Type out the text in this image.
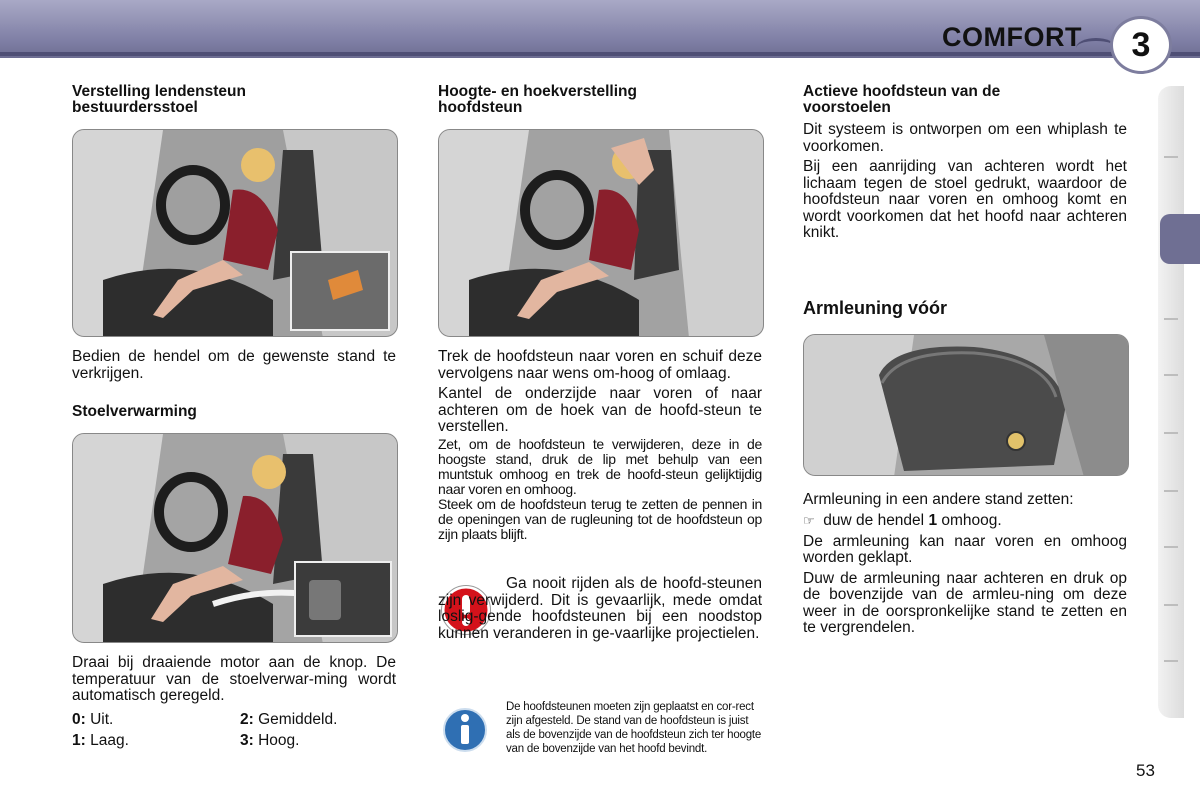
COMFORT	3
Verstelling lendensteun bestuurdersstoel
Bedien de hendel om de gewenste stand te verkrijgen.
Stoelverwarming
Draai bij draaiende motor aan de knop. De temperatuur van de stoelverwar-ming wordt automatisch geregeld.
0: Uit.
1: Laag.
2: Gemiddeld.
3: Hoog.
Hoogte- en hoekverstelling hoofdsteun
Trek de hoofdsteun naar voren en schuif deze vervolgens naar wens om-hoog of omlaag.
Kantel de onderzijde naar voren of naar achteren om de hoek van de hoofd-steun te verstellen.
Zet, om de hoofdsteun te verwijderen, deze in de hoogste stand, druk de lip met behulp van een muntstuk omhoog en trek de hoofd-steun gelijktijdig naar voren en omhoog.
Steek om de hoofdsteun terug te zetten de pennen in de openingen van de rugleuning tot de hoofdsteun op zijn plaats blijft.
Ga nooit rijden als de hoofd-steunen zijn verwijderd. Dit is gevaarlijk, mede omdat loslig-gende hoofdsteunen bij een noodstop kunnen veranderen in ge-vaarlijke projectielen.
De hoofdsteunen moeten zijn geplaatst en cor-rect zijn afgesteld. De stand van de hoofdsteun is juist als de bovenzijde van de hoofdsteun zich ter hoogte van de bovenzijde van het hoofd bevindt.
Actieve hoofdsteun van de voorstoelen
Dit systeem is ontworpen om een whiplash te voorkomen.
Bij een aanrijding van achteren wordt het lichaam tegen de stoel gedrukt, waardoor de hoofdsteun naar voren en omhoog komt en wordt voorkomen dat het hoofd naar achteren knikt.
Armleuning vóór
Armleuning in een andere stand zetten:
☞ duw de hendel 1 omhoog.
De armleuning kan naar voren en omhoog worden geklapt.
Duw de armleuning naar achteren en druk op de bovenzijde van de armleu-ning om deze weer in de oorspronkelijke stand te zetten en te vergrendelen.
53
